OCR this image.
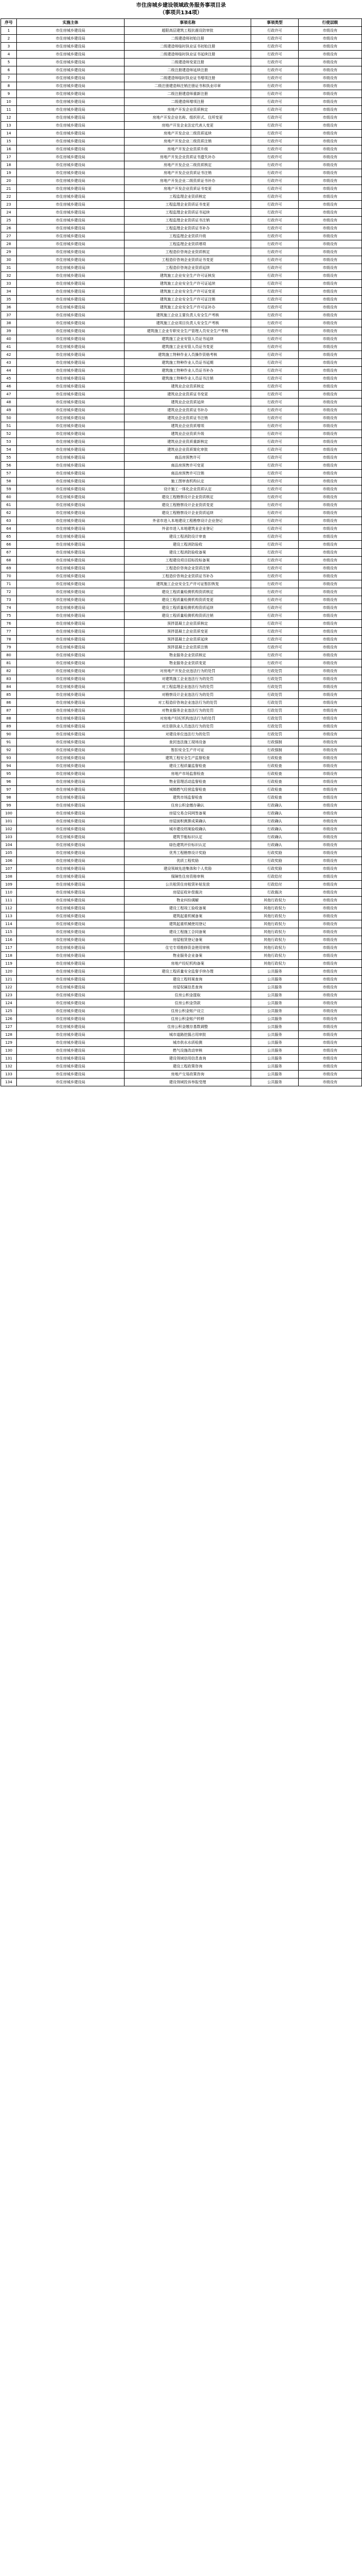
市住房城乡建设领域政务服务事项目录
（事项共134项）
序号	实施主体	事项名称	事项类型	行使层级
1	市住房城乡建设局	超限高层建筑工程抗震设防审批	行政许可	市级设有
2	市住房城乡建设局	二级建造师初始注册	行政许可	市级设有
3	市住房城乡建设局	二级建造师临时执业证书初始注册	行政许可	市级设有
4	市住房城乡建设局	二级建造师临时执业证书延续注册	行政许可	市级设有
5	市住房城乡建设局	二级建造师变更注册	行政许可	市级设有
6	市住房城乡建设局	二级注册建造师延续注册	行政许可	市级设有
7	市住房城乡建设局	二级建造师临时执业证书增项注册	行政许可	市级设有
8	市住房城乡建设局	二级注册建造师注销注册证书和执业印章	行政许可	市级设有
9	市住房城乡建设局	二级注册建造师重新注册	行政许可	市级设有
10	市住房城乡建设局	二级建造师增项注册	行政许可	市级设有
11	市住房城乡建设局	房地产开发企业资质核定	行政许可	市级设有
12	市住房城乡建设局	房地产开发企业名称、组织形式、住所变更	行政许可	市级设有
13	市住房城乡建设局	房地产开发企业法定代表人变更	行政许可	市级设有
14	市住房城乡建设局	房地产开发企业二级资质延续	行政许可	市级设有
15	市住房城乡建设局	房地产开发企业二级资质注销	行政许可	市级设有
16	市住房城乡建设局	房地产开发企业资质升级	行政许可	市级设有
17	市住房城乡建设局	房地产开发企业资质证书遗失补办	行政许可	市级设有
18	市住房城乡建设局	房地产开发企业二级资质核定	行政许可	市级设有
19	市住房城乡建设局	房地产开发企业资质证书注销	行政许可	市级设有
20	市住房城乡建设局	房地产开发企业二级资质证书补办	行政许可	市级设有
21	市住房城乡建设局	房地产开发企业资质证书变更	行政许可	市级设有
22	市住房城乡建设局	工程监理企业资质核定	行政许可	市级设有
23	市住房城乡建设局	工程监理企业资质证书变更	行政许可	市级设有
24	市住房城乡建设局	工程监理企业资质证书延续	行政许可	市级设有
25	市住房城乡建设局	工程监理企业资质证书注销	行政许可	市级设有
26	市住房城乡建设局	工程监理企业资质证书补办	行政许可	市级设有
27	市住房城乡建设局	工程监理企业资质升级	行政许可	市级设有
28	市住房城乡建设局	工程监理企业资质增项	行政许可	市级设有
29	市住房城乡建设局	工程造价咨询企业资质核定	行政许可	市级设有
30	市住房城乡建设局	工程造价咨询企业资质证书变更	行政许可	市级设有
31	市住房城乡建设局	工程造价咨询企业资质延续	行政许可	市级设有
32	市住房城乡建设局	建筑施工企业安全生产许可证核发	行政许可	市级设有
33	市住房城乡建设局	建筑施工企业安全生产许可证延续	行政许可	市级设有
34	市住房城乡建设局	建筑施工企业安全生产许可证变更	行政许可	市级设有
35	市住房城乡建设局	建筑施工企业安全生产许可证注销	行政许可	市级设有
36	市住房城乡建设局	建筑施工企业安全生产许可证补办	行政许可	市级设有
37	市住房城乡建设局	建筑施工企业主要负责人安全生产考核	行政许可	市级设有
38	市住房城乡建设局	建筑施工企业项目负责人安全生产考核	行政许可	市级设有
39	市住房城乡建设局	建筑施工企业专职安全生产管理人员安全生产考核	行政许可	市级设有
40	市住房城乡建设局	建筑施工企业安管人员证书延续	行政许可	市级设有
41	市住房城乡建设局	建筑施工企业安管人员证书变更	行政许可	市级设有
42	市住房城乡建设局	建筑施工特种作业人员操作资格考核	行政许可	市级设有
43	市住房城乡建设局	建筑施工特种作业人员证书延期	行政许可	市级设有
44	市住房城乡建设局	建筑施工特种作业人员证书补办	行政许可	市级设有
45	市住房城乡建设局	建筑施工特种作业人员证书注销	行政许可	市级设有
46	市住房城乡建设局	建筑业企业资质核定	行政许可	市级设有
47	市住房城乡建设局	建筑业企业资质证书变更	行政许可	市级设有
48	市住房城乡建设局	建筑业企业资质延续	行政许可	市级设有
49	市住房城乡建设局	建筑业企业资质证书补办	行政许可	市级设有
50	市住房城乡建设局	建筑业企业资质证书注销	行政许可	市级设有
51	市住房城乡建设局	建筑业企业资质增项	行政许可	市级设有
52	市住房城乡建设局	建筑业企业资质升级	行政许可	市级设有
53	市住房城乡建设局	建筑业企业资质重新核定	行政许可	市级设有
54	市住房城乡建设局	建筑业企业资质简化审批	行政许可	市级设有
55	市住房城乡建设局	商品房预售许可	行政许可	市级设有
56	市住房城乡建设局	商品房预售许可变更	行政许可	市级设有
57	市住房城乡建设局	商品房预售许可注销	行政许可	市级设有
58	市住房城乡建设局	施工图审查机构认定	行政许可	市级设有
59	市住房城乡建设局	设计施工一体化企业资质认定	行政许可	市级设有
60	市住房城乡建设局	建设工程勘察设计企业资质核定	行政许可	市级设有
61	市住房城乡建设局	建设工程勘察设计企业资质变更	行政许可	市级设有
62	市住房城乡建设局	建设工程勘察设计企业资质延续	行政许可	市级设有
63	市住房城乡建设局	外省市进入本地建设工程勘察设计企业登记	行政许可	市级设有
64	市住房城乡建设局	外省市进入本地建筑业企业登记	行政许可	市级设有
65	市住房城乡建设局	建设工程消防设计审查	行政许可	市级设有
66	市住房城乡建设局	建设工程消防验收	行政许可	市级设有
67	市住房城乡建设局	建设工程消防验收备案	行政许可	市级设有
68	市住房城乡建设局	工程建设项目招标投标备案	行政许可	市级设有
69	市住房城乡建设局	工程造价咨询企业资质注销	行政许可	市级设有
70	市住房城乡建设局	工程造价咨询企业资质证书补办	行政许可	市级设有
71	市住房城乡建设局	建筑施工企业安全生产许可证暂扣恢复	行政许可	市级设有
72	市住房城乡建设局	建设工程质量检测机构资质核定	行政许可	市级设有
73	市住房城乡建设局	建设工程质量检测机构资质变更	行政许可	市级设有
74	市住房城乡建设局	建设工程质量检测机构资质延续	行政许可	市级设有
75	市住房城乡建设局	建设工程质量检测机构资质注销	行政许可	市级设有
76	市住房城乡建设局	预拌混凝土企业资质核定	行政许可	市级设有
77	市住房城乡建设局	预拌混凝土企业资质变更	行政许可	市级设有
78	市住房城乡建设局	预拌混凝土企业资质延续	行政许可	市级设有
79	市住房城乡建设局	预拌混凝土企业资质注销	行政许可	市级设有
80	市住房城乡建设局	物业服务企业资质核定	行政许可	市级设有
81	市住房城乡建设局	物业服务企业资质变更	行政许可	市级设有
82	市住房城乡建设局	对房地产开发企业违法行为的处罚	行政处罚	市级设有
83	市住房城乡建设局	对建筑施工企业违法行为的处罚	行政处罚	市级设有
84	市住房城乡建设局	对工程监理企业违法行为的处罚	行政处罚	市级设有
85	市住房城乡建设局	对勘察设计企业违法行为的处罚	行政处罚	市级设有
86	市住房城乡建设局	对工程造价咨询企业违法行为的处罚	行政处罚	市级设有
87	市住房城乡建设局	对物业服务企业违法行为的处罚	行政处罚	市级设有
88	市住房城乡建设局	对房地产经纪机构违法行为的处罚	行政处罚	市级设有
89	市住房城乡建设局	对注册执业人员违法行为的处罚	行政处罚	市级设有
90	市住房城乡建设局	对建设单位违法行为的处罚	行政处罚	市级设有
91	市住房城乡建设局	查封违法施工现场设备	行政强制	市级设有
92	市住房城乡建设局	暂扣安全生产许可证	行政强制	市级设有
93	市住房城乡建设局	建筑工程安全生产监督检查	行政检查	市级设有
94	市住房城乡建设局	建设工程质量监督检查	行政检查	市级设有
95	市住房城乡建设局	房地产市场监督检查	行政检查	市级设有
96	市住房城乡建设局	物业管理活动监督检查	行政检查	市级设有
97	市住房城乡建设局	城镇燃气经营监督检查	行政检查	市级设有
98	市住房城乡建设局	建筑市场监督检查	行政检查	市级设有
99	市住房城乡建设局	住房公积金缴存确认	行政确认	市级设有
100	市住房城乡建设局	房屋交易合同网签备案	行政确认	市级设有
101	市住房城乡建设局	房屋面积测算成果确认	行政确认	市级设有
102	市住房城乡建设局	城市建设档案验收确认	行政确认	市级设有
103	市住房城乡建设局	建筑节能标识认定	行政确认	市级设有
104	市住房城乡建设局	绿色建筑评价标识认定	行政确认	市级设有
105	市住房城乡建设局	优秀工程勘察设计奖励	行政奖励	市级设有
106	市住房城乡建设局	优质工程奖励	行政奖励	市级设有
107	市住房城乡建设局	建设领域先进集体和个人奖励	行政奖励	市级设有
108	市住房城乡建设局	保障性住房资格审核	行政给付	市级设有
109	市住房城乡建设局	公共租赁住房租赁补贴发放	行政给付	市级设有
110	市住房城乡建设局	房屋征收补偿裁决	行政裁决	市级设有
111	市住房城乡建设局	物业纠纷调解	其他行政权力	市级设有
112	市住房城乡建设局	建设工程竣工验收备案	其他行政权力	市级设有
113	市住房城乡建设局	建筑起重机械备案	其他行政权力	市级设有
114	市住房城乡建设局	建筑起重机械使用登记	其他行政权力	市级设有
115	市住房城乡建设局	建设工程施工合同备案	其他行政权力	市级设有
116	市住房城乡建设局	房屋租赁登记备案	其他行政权力	市级设有
117	市住房城乡建设局	住宅专项维修资金使用审核	其他行政权力	市级设有
118	市住房城乡建设局	物业服务企业备案	其他行政权力	市级设有
119	市住房城乡建设局	房地产经纪机构备案	其他行政权力	市级设有
120	市住房城乡建设局	建设工程质量安全监督手续办理	公共服务	市级设有
121	市住房城乡建设局	建设工程档案查询	公共服务	市级设有
122	市住房城乡建设局	房屋权属信息查询	公共服务	市级设有
123	市住房城乡建设局	住房公积金提取	公共服务	市级设有
124	市住房城乡建设局	住房公积金贷款	公共服务	市级设有
125	市住房城乡建设局	住房公积金账户设立	公共服务	市级设有
126	市住房城乡建设局	住房公积金账户转移	公共服务	市级设有
127	市住房城乡建设局	住房公积金缴存基数调整	公共服务	市级设有
128	市住房城乡建设局	城市道路挖掘占用审批	公共服务	市级设有
129	市住房城乡建设局	城市供水水质检测	公共服务	市级设有
130	市住房城乡建设局	燃气设施改动审核	公共服务	市级设有
131	市住房城乡建设局	建设领域信用信息查询	公共服务	市级设有
132	市住房城乡建设局	建设工程政策咨询	公共服务	市级设有
133	市住房城乡建设局	房地产交易政策咨询	公共服务	市级设有
134	市住房城乡建设局	建设领域投诉举报受理	公共服务	市级设有
